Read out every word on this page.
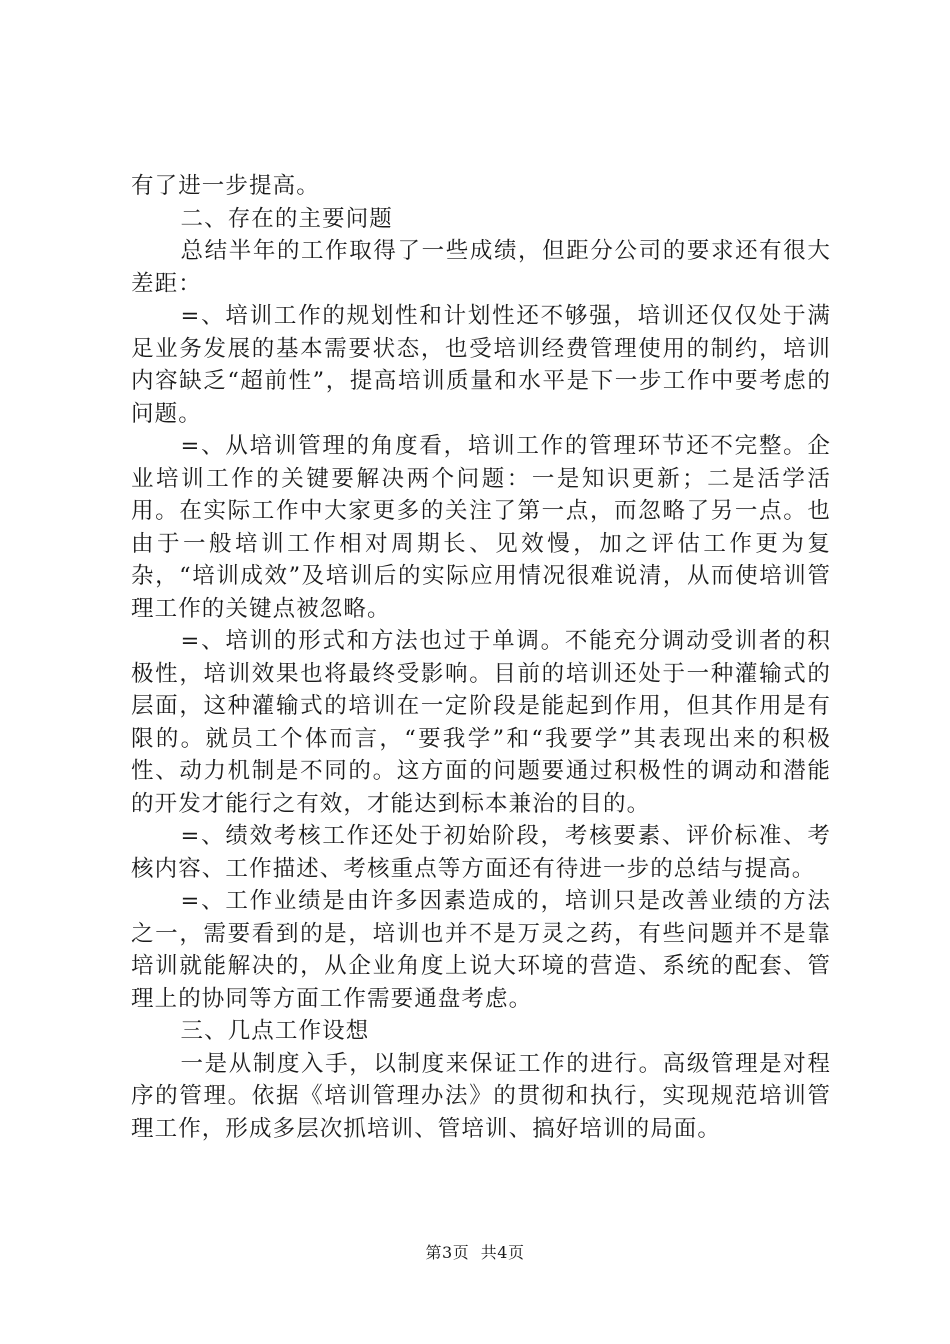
有了进一步提高。

二、存在的主要问题

总结半年的工作取得了一些成绩，但距分公司的要求还有很大差距：

=、培训工作的规划性和计划性还不够强，培训还仅仅处于满足业务发展的基本需要状态，也受培训经费管理使用的制约，培训内容缺乏“超前性”，提高培训质量和水平是下一步工作中要考虑的问题。

=、从培训管理的角度看，培训工作的管理环节还不完整。企业培训工作的关键要解决两个问题：一是知识更新；二是活学活用。在实际工作中大家更多的关注了第一点，而忽略了另一点。也由于一般培训工作相对周期长、见效慢，加之评估工作更为复杂，“培训成效”及培训后的实际应用情况很难说清，从而使培训管理工作的关键点被忽略。

=、培训的形式和方法也过于单调。不能充分调动受训者的积极性，培训效果也将最终受影响。目前的培训还处于一种灌输式的层面，这种灌输式的培训在一定阶段是能起到作用，但其作用是有限的。就员工个体而言，“要我学”和“我要学”其表现出来的积极性、动力机制是不同的。这方面的问题要通过积极性的调动和潜能的开发才能行之有效，才能达到标本兼治的目的。

=、绩效考核工作还处于初始阶段，考核要素、评价标准、考核内容、工作描述、考核重点等方面还有待进一步的总结与提高。

=、工作业绩是由许多因素造成的，培训只是改善业绩的方法之一，需要看到的是，培训也并不是万灵之药，有些问题并不是靠培训就能解决的，从企业角度上说大环境的营造、系统的配套、管理上的协同等方面工作需要通盘考虑。

三、几点工作设想

一是从制度入手，以制度来保证工作的进行。高级管理是对程序的管理。依据《培训管理办法》的贯彻和执行，实现规范培训管理工作，形成多层次抓培训、管培训、搞好培训的局面。

第3页 共4页
